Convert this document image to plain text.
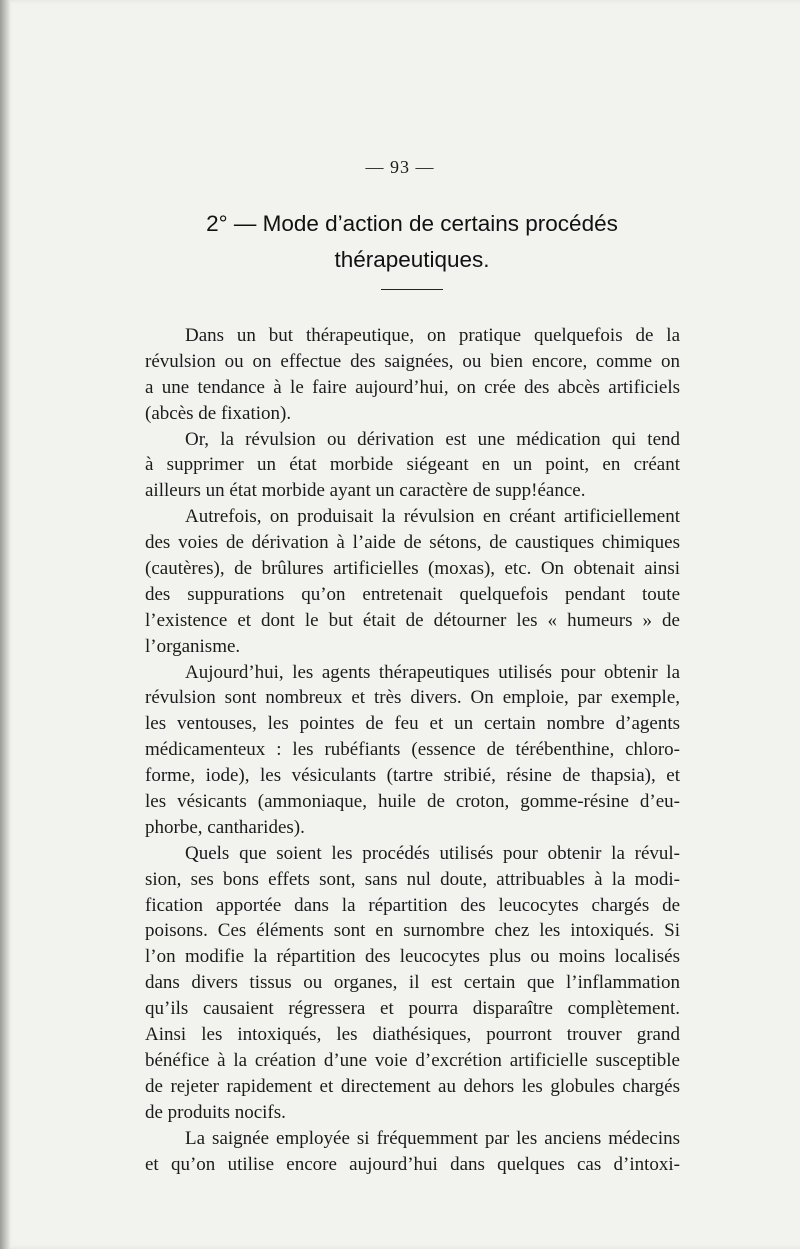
— 93 —
2° — Mode d’action de certains procédés
thérapeutiques.
Dans un but thérapeutique, on pratique quelquefois de la
révulsion ou on effectue des saignées, ou bien encore, comme on
a une tendance à le faire aujourd’hui, on crée des abcès artificiels
(abcès de fixation).
Or, la révulsion ou dérivation est une médication qui tend
à supprimer un état morbide siégeant en un point, en créant
ailleurs un état morbide ayant un caractère de supp!éance.
Autrefois, on produisait la révulsion en créant artificiellement
des voies de dérivation à l’aide de sétons, de caustiques chimiques
(cautères), de brûlures artificielles (moxas), etc. On obtenait ainsi
des suppurations qu’on entretenait quelquefois pendant toute
l’existence et dont le but était de détourner les « humeurs » de
l’organisme.
Aujourd’hui, les agents thérapeutiques utilisés pour obtenir la
révulsion sont nombreux et très divers. On emploie, par exemple,
les ventouses, les pointes de feu et un certain nombre d’agents
médicamenteux : les rubéfiants (essence de térébenthine, chloro-
forme, iode), les vésiculants (tartre stribié, résine de thapsia), et
les vésicants (ammoniaque, huile de croton, gomme-résine d’eu-
phorbe, cantharides).
Quels que soient les procédés utilisés pour obtenir la révul-
sion, ses bons effets sont, sans nul doute, attribuables à la modi-
fication apportée dans la répartition des leucocytes chargés de
poisons. Ces éléments sont en surnombre chez les intoxiqués. Si
l’on modifie la répartition des leucocytes plus ou moins localisés
dans divers tissus ou organes, il est certain que l’inflammation
qu’ils causaient régressera et pourra disparaître complètement.
Ainsi les intoxiqués, les diathésiques, pourront trouver grand
bénéfice à la création d’une voie d’excrétion artificielle susceptible
de rejeter rapidement et directement au dehors les globules chargés
de produits nocifs.
La saignée employée si fréquemment par les anciens médecins
et qu’on utilise encore aujourd’hui dans quelques cas d’intoxi-
